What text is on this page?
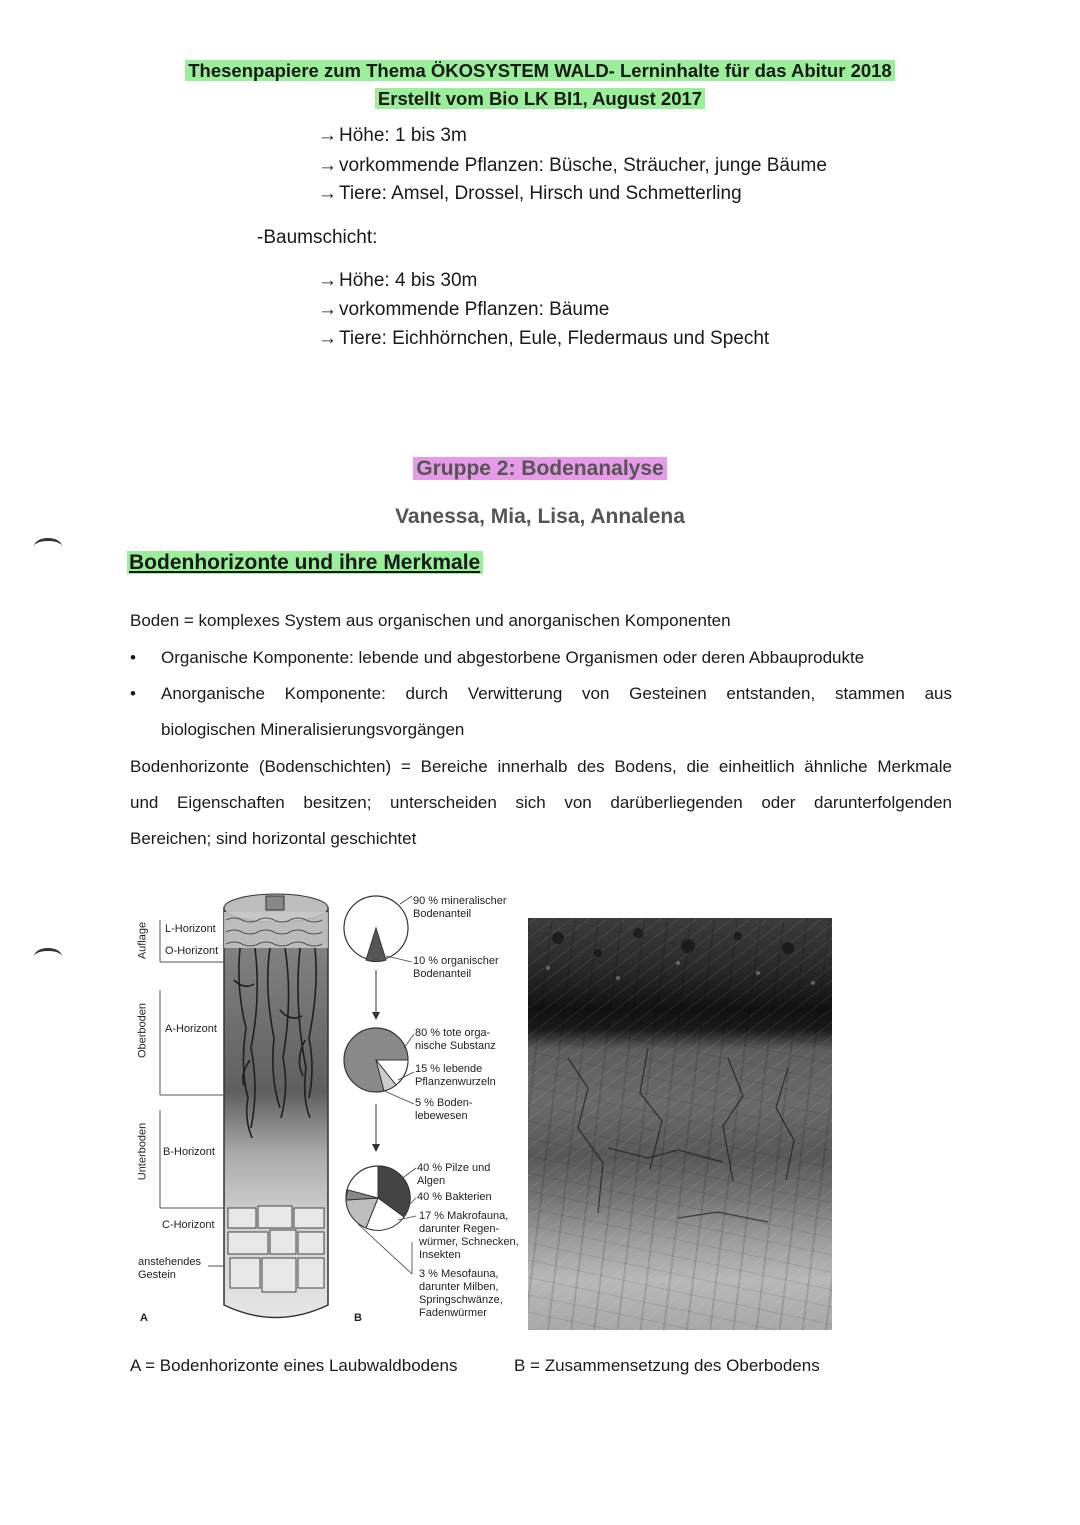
Thesenpapiere zum Thema ÖKOSYSTEM WALD- Lerninhalte für das Abitur 2018
Erstellt vom Bio LK BI1, August 2017
→ Höhe: 1 bis 3m
→ vorkommende Pflanzen: Büsche, Sträucher, junge Bäume
→ Tiere: Amsel, Drossel, Hirsch und Schmetterling
-Baumschicht:
→ Höhe: 4 bis 30m
→ vorkommende Pflanzen: Bäume
→ Tiere: Eichhörnchen, Eule, Fledermaus und Specht
Gruppe 2: Bodenanalyse
Vanessa, Mia, Lisa, Annalena
Bodenhorizonte und ihre Merkmale
Boden = komplexes System aus organischen und anorganischen Komponenten
• Organische Komponente: lebende und abgestorbene Organismen oder deren Abbauprodukte
• Anorganische Komponente: durch Verwitterung von Gesteinen entstanden, stammen aus
biologischen Mineralisierungsvorgängen
Bodenhorizonte (Bodenschichten) = Bereiche innerhalb des Bodens, die einheitlich ähnliche Merkmale
und Eigenschaften besitzen; unterscheiden sich von darüberliegenden oder darunterfolgenden
Bereichen; sind horizontal geschichtet
Auflage
Oberboden
Unterboden
L-Horizont
O-Horizont
A-Horizont
B-Horizont
C-Horizont
anstehendes
Gestein
A
90 % mineralischer
Bodenanteil
10 % organischer
Bodenanteil
80 % tote orga-
nische Substanz
15 % lebende
Pflanzenwurzeln
5 % Boden-
lebewesen
40 % Pilze und
Algen
40 % Bakterien
17 % Makrofauna,
darunter Regen-
würmer, Schnecken,
Insekten
3 % Mesofauna,
darunter Milben,
Springschwänze,
Fadenwürmer
B
A = Bodenhorizonte eines Laubwaldbodens	B = Zusammensetzung des Oberbodens
